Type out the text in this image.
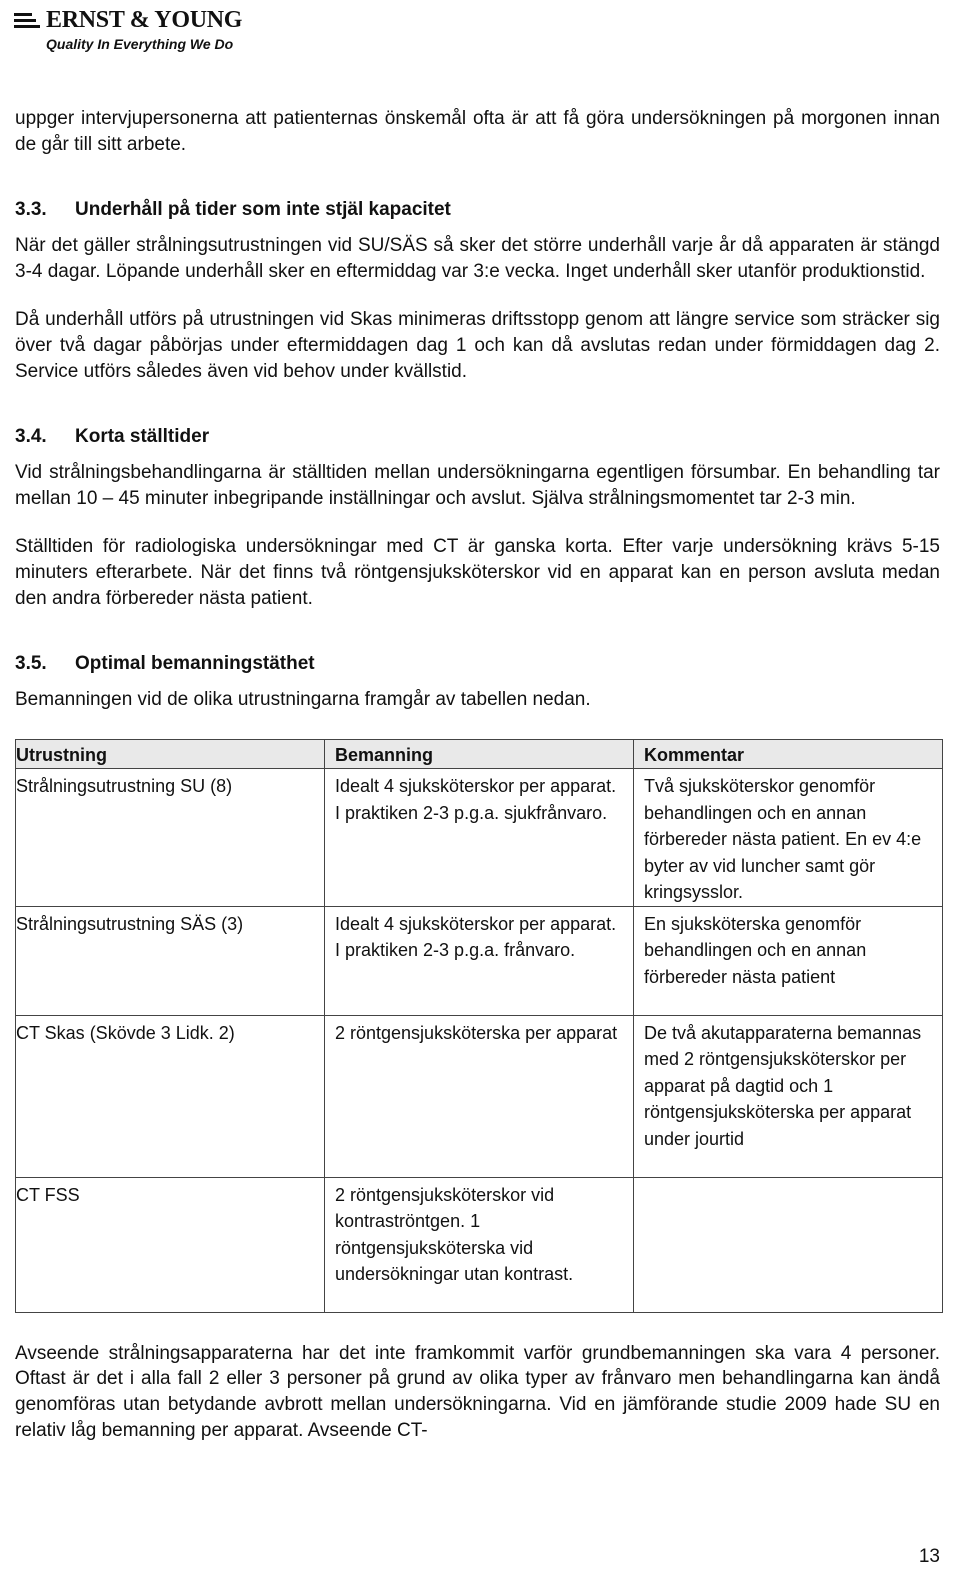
ERNST & YOUNG
Quality In Everything We Do

uppger intervjupersonerna att patienternas önskemål ofta är att få göra undersökningen på morgonen innan de går till sitt arbete.

3.3. Underhåll på tider som inte stjäl kapacitet

När det gäller strålningsutrustningen vid SU/SÄS så sker det större underhåll varje år då apparaten är stängd 3-4 dagar. Löpande underhåll sker en eftermiddag var 3:e vecka. Inget underhåll sker utanför produktionstid.

Då underhåll utförs på utrustningen vid Skas minimeras driftsstopp genom att längre service som sträcker sig över två dagar påbörjas under eftermiddagen dag 1 och kan då avslutas redan under förmiddagen dag 2. Service utförs således även vid behov under kvällstid.

3.4. Korta ställtider

Vid strålningsbehandlingarna är ställtiden mellan undersökningarna egentligen försumbar. En behandling tar mellan 10 – 45 minuter inbegripande inställningar och avslut. Själva strålningsmomentet tar 2-3 min.

Ställtiden för radiologiska undersökningar med CT är ganska korta. Efter varje undersökning krävs 5-15 minuters efterarbete. När det finns två röntgensjuksköterskor vid en apparat kan en person avsluta medan den andra förbereder nästa patient.

3.5. Optimal bemanningstäthet

Bemanningen vid de olika utrustningarna framgår av tabellen nedan.

Utrustning	Bemanning	Kommentar

Strålningsutrustning SU (8)	Idealt 4 sjuksköterskor per apparat. I praktiken 2-3 p.g.a. sjukfrånvaro.	Två sjuksköterskor genomför behandlingen och en annan förbereder nästa patient. En ev 4:e byter av vid luncher samt gör kringsysslor.

Strålningsutrustning SÄS (3)	Idealt 4 sjuksköterskor per apparat. I praktiken 2-3 p.g.a. frånvaro.	En sjuksköterska genomför behandlingen och en annan förbereder nästa patient

CT Skas (Skövde 3 Lidk. 2)	2 röntgensjuksköterska per apparat	De två akutapparaterna bemannas med 2 röntgensjuksköterskor per apparat på dagtid och 1 röntgensjuksköterska per apparat under jourtid

CT FSS	2 röntgensjuksköterskor vid kontraströntgen. 1 röntgensjuksköterska vid undersökningar utan kontrast.	

Avseende strålningsapparaterna har det inte framkommit varför grundbemanningen ska vara 4 personer. Oftast är det i alla fall 2 eller 3 personer på grund av olika typer av frånvaro men behandlingarna kan ändå genomföras utan betydande avbrott mellan undersökningarna. Vid en jämförande studie 2009 hade SU en relativ låg bemanning per apparat. Avseende CT-

13
